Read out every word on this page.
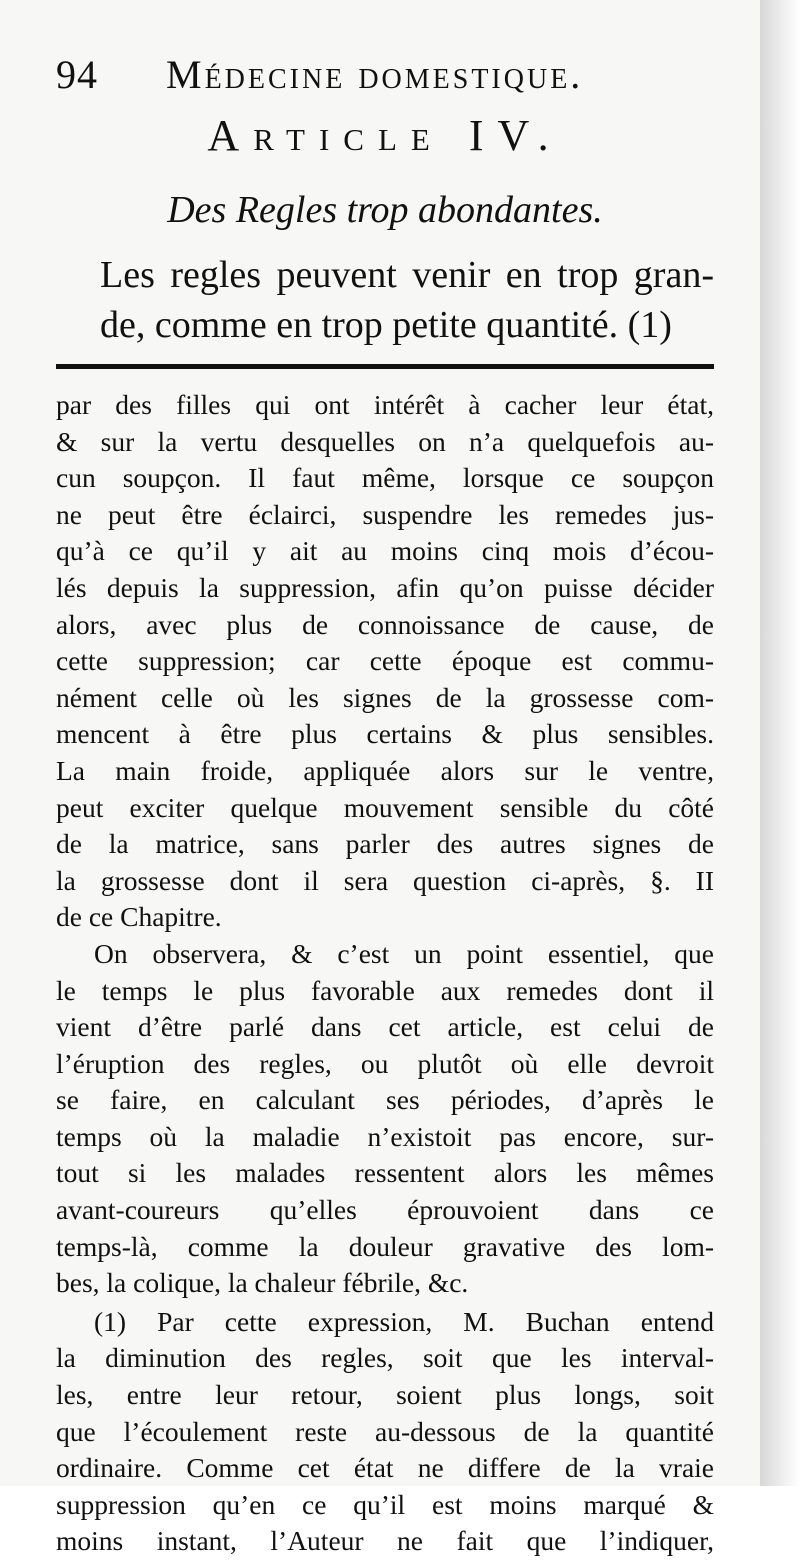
94	Médecine domestique.
Article IV.
Des Regles trop abondantes.
Les regles peuvent venir en trop gran-
de, comme en trop petite quantité. (1)
par des filles qui ont intérêt à cacher leur état,
& sur la vertu desquelles on n’a quelquefois au-
cun soupçon. Il faut même, lorsque ce soupçon
ne peut être éclairci, suspendre les remedes jus-
qu’à ce qu’il y ait au moins cinq mois d’écou-
lés depuis la suppression, afin qu’on puisse décider
alors, avec plus de connoissance de cause, de
cette suppression; car cette époque est commu-
nément celle où les signes de la grossesse com-
mencent à être plus certains & plus sensibles.
La main froide, appliquée alors sur le ventre,
peut exciter quelque mouvement sensible du côté
de la matrice, sans parler des autres signes de
la grossesse dont il sera question ci-après, §. II
de ce Chapitre.
On observera, & c’est un point essentiel, que
le temps le plus favorable aux remedes dont il
vient d’être parlé dans cet article, est celui de
l’éruption des regles, ou plutôt où elle devroit
se faire, en calculant ses périodes, d’après le
temps où la maladie n’existoit pas encore, sur-
tout si les malades ressentent alors les mêmes
avant-coureurs qu’elles éprouvoient dans ce
temps-là, comme la douleur gravative des lom-
bes, la colique, la chaleur fébrile, &c.
(1) Par cette expression, M. Buchan entend
la diminution des regles, soit que les interval-
les, entre leur retour, soient plus longs, soit
que l’écoulement reste au-dessous de la quantité
ordinaire. Comme cet état ne differe de la vraie
suppression qu’en ce qu’il est moins marqué &
moins instant, l’Auteur ne fait que l’indiquer,
